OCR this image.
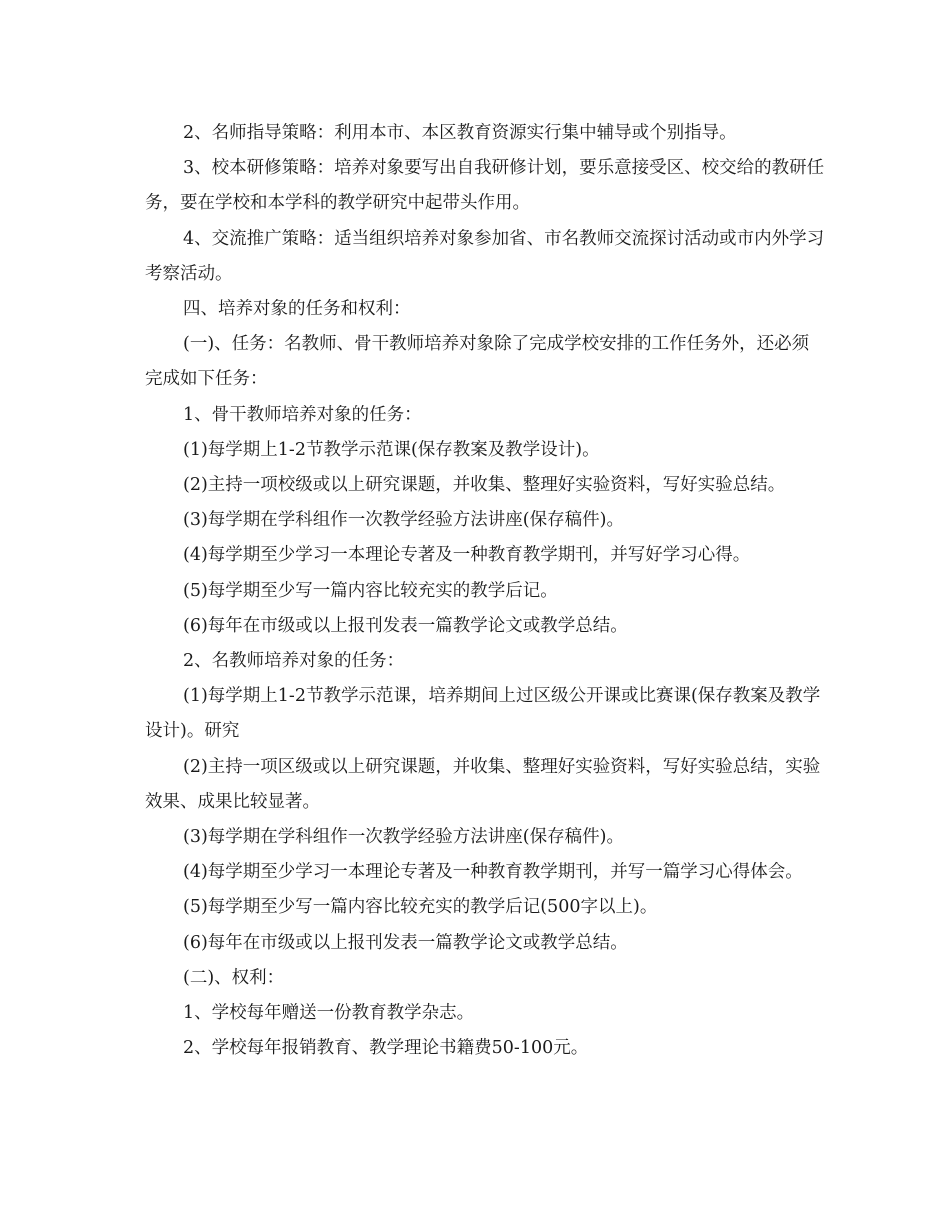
2、名师指导策略：利用本市、本区教育资源实行集中辅导或个别指导。

3、校本研修策略：培养对象要写出自我研修计划，要乐意接受区、校交给的教研任务，要在学校和本学科的教学研究中起带头作用。

4、交流推广策略：适当组织培养对象参加省、市名教师交流探讨活动或市内外学习考察活动。

四、培养对象的任务和权利：

(一)、任务：名教师、骨干教师培养对象除了完成学校安排的工作任务外，还必须 完成如下任务：

1、骨干教师培养对象的任务：

(1)每学期上1-2节教学示范课(保存教案及教学设计)。

(2)主持一项校级或以上研究课题，并收集、整理好实验资料，写好实验总结。

(3)每学期在学科组作一次教学经验方法讲座(保存稿件)。

(4)每学期至少学习一本理论专著及一种教育教学期刊，并写好学习心得。

(5)每学期至少写一篇内容比较充实的教学后记。

(6)每年在市级或以上报刊发表一篇教学论文或教学总结。

2、名教师培养对象的任务：

(1)每学期上1-2节教学示范课，培养期间上过区级公开课或比赛课(保存教案及教学设计)。研究

(2)主持一项区级或以上研究课题，并收集、整理好实验资料，写好实验总结，实验效果、成果比较显著。

(3)每学期在学科组作一次教学经验方法讲座(保存稿件)。

(4)每学期至少学习一本理论专著及一种教育教学期刊，并写一篇学习心得体会。

(5)每学期至少写一篇内容比较充实的教学后记(500字以上)。

(6)每年在市级或以上报刊发表一篇教学论文或教学总结。

(二)、权利：

1、学校每年赠送一份教育教学杂志。

2、学校每年报销教育、教学理论书籍费50-100元。
